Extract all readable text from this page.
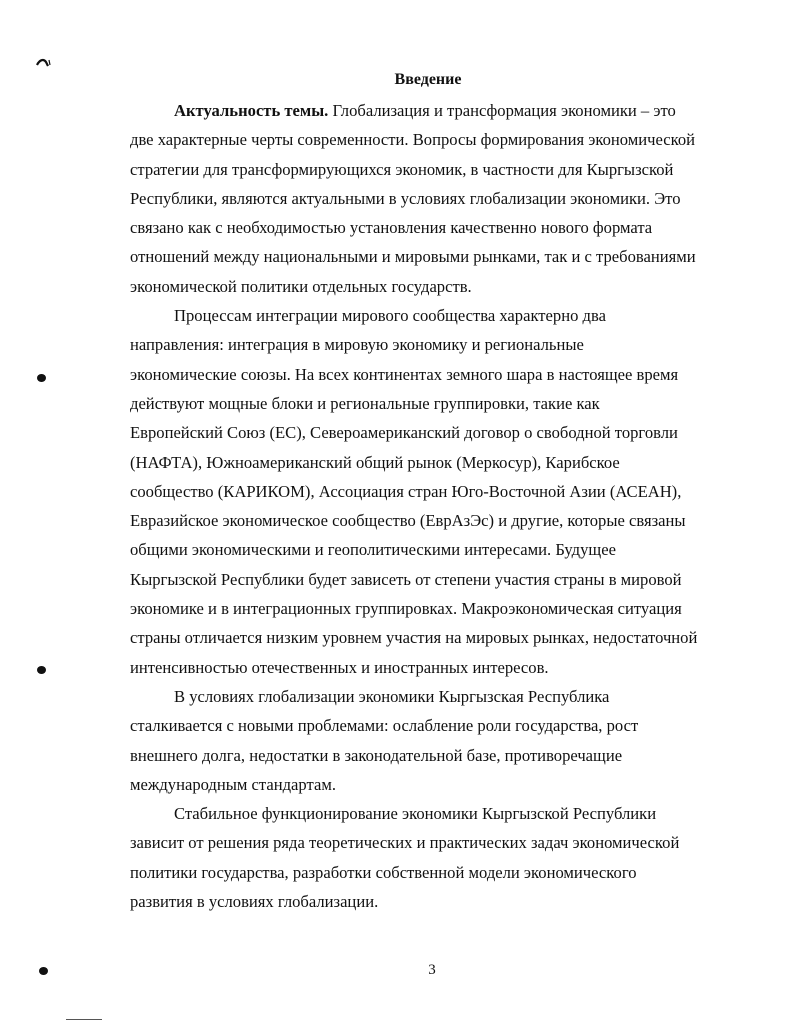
Введение

Актуальность темы. Глобализация и трансформация экономики – это
две характерные черты современности. Вопросы формирования экономической
стратегии для трансформирующихся экономик, в частности для Кыргызской
Республики, являются актуальными в условиях глобализации экономики. Это
связано как с необходимостью установления качественно нового формата
отношений между национальными и мировыми рынками, так и с требованиями
экономической политики отдельных государств.

Процессам интеграции мирового сообщества характерно два
направления: интеграция в мировую экономику и региональные
экономические союзы. На всех континентах земного шара в настоящее время
действуют мощные блоки и региональные группировки, такие как
Европейский Союз (ЕС), Североамериканский договор о свободной торговли
(НАФТА), Южноамериканский общий рынок (Меркосур), Карибское
сообщество (КАРИКОМ), Ассоциация стран Юго-Восточной Азии (АСЕАН),
Евразийское экономическое сообщество (ЕврАзЭс) и другие, которые связаны
общими экономическими и геополитическими интересами. Будущее
Кыргызской Республики будет зависеть от степени участия страны в мировой
экономике и в интеграционных группировках. Макроэкономическая ситуация
страны отличается низким уровнем участия на мировых рынках, недостаточной
интенсивностью отечественных и иностранных интересов.

В условиях глобализации экономики Кыргызская Республика
сталкивается с новыми проблемами: ослабление роли государства, рост
внешнего долга, недостатки в законодательной базе, противоречащие
международным стандартам.

Стабильное функционирование экономики Кыргызской Республики
зависит от решения ряда теоретических и практических задач экономической
политики государства, разработки собственной модели экономического
развития в условиях глобализации.

3
